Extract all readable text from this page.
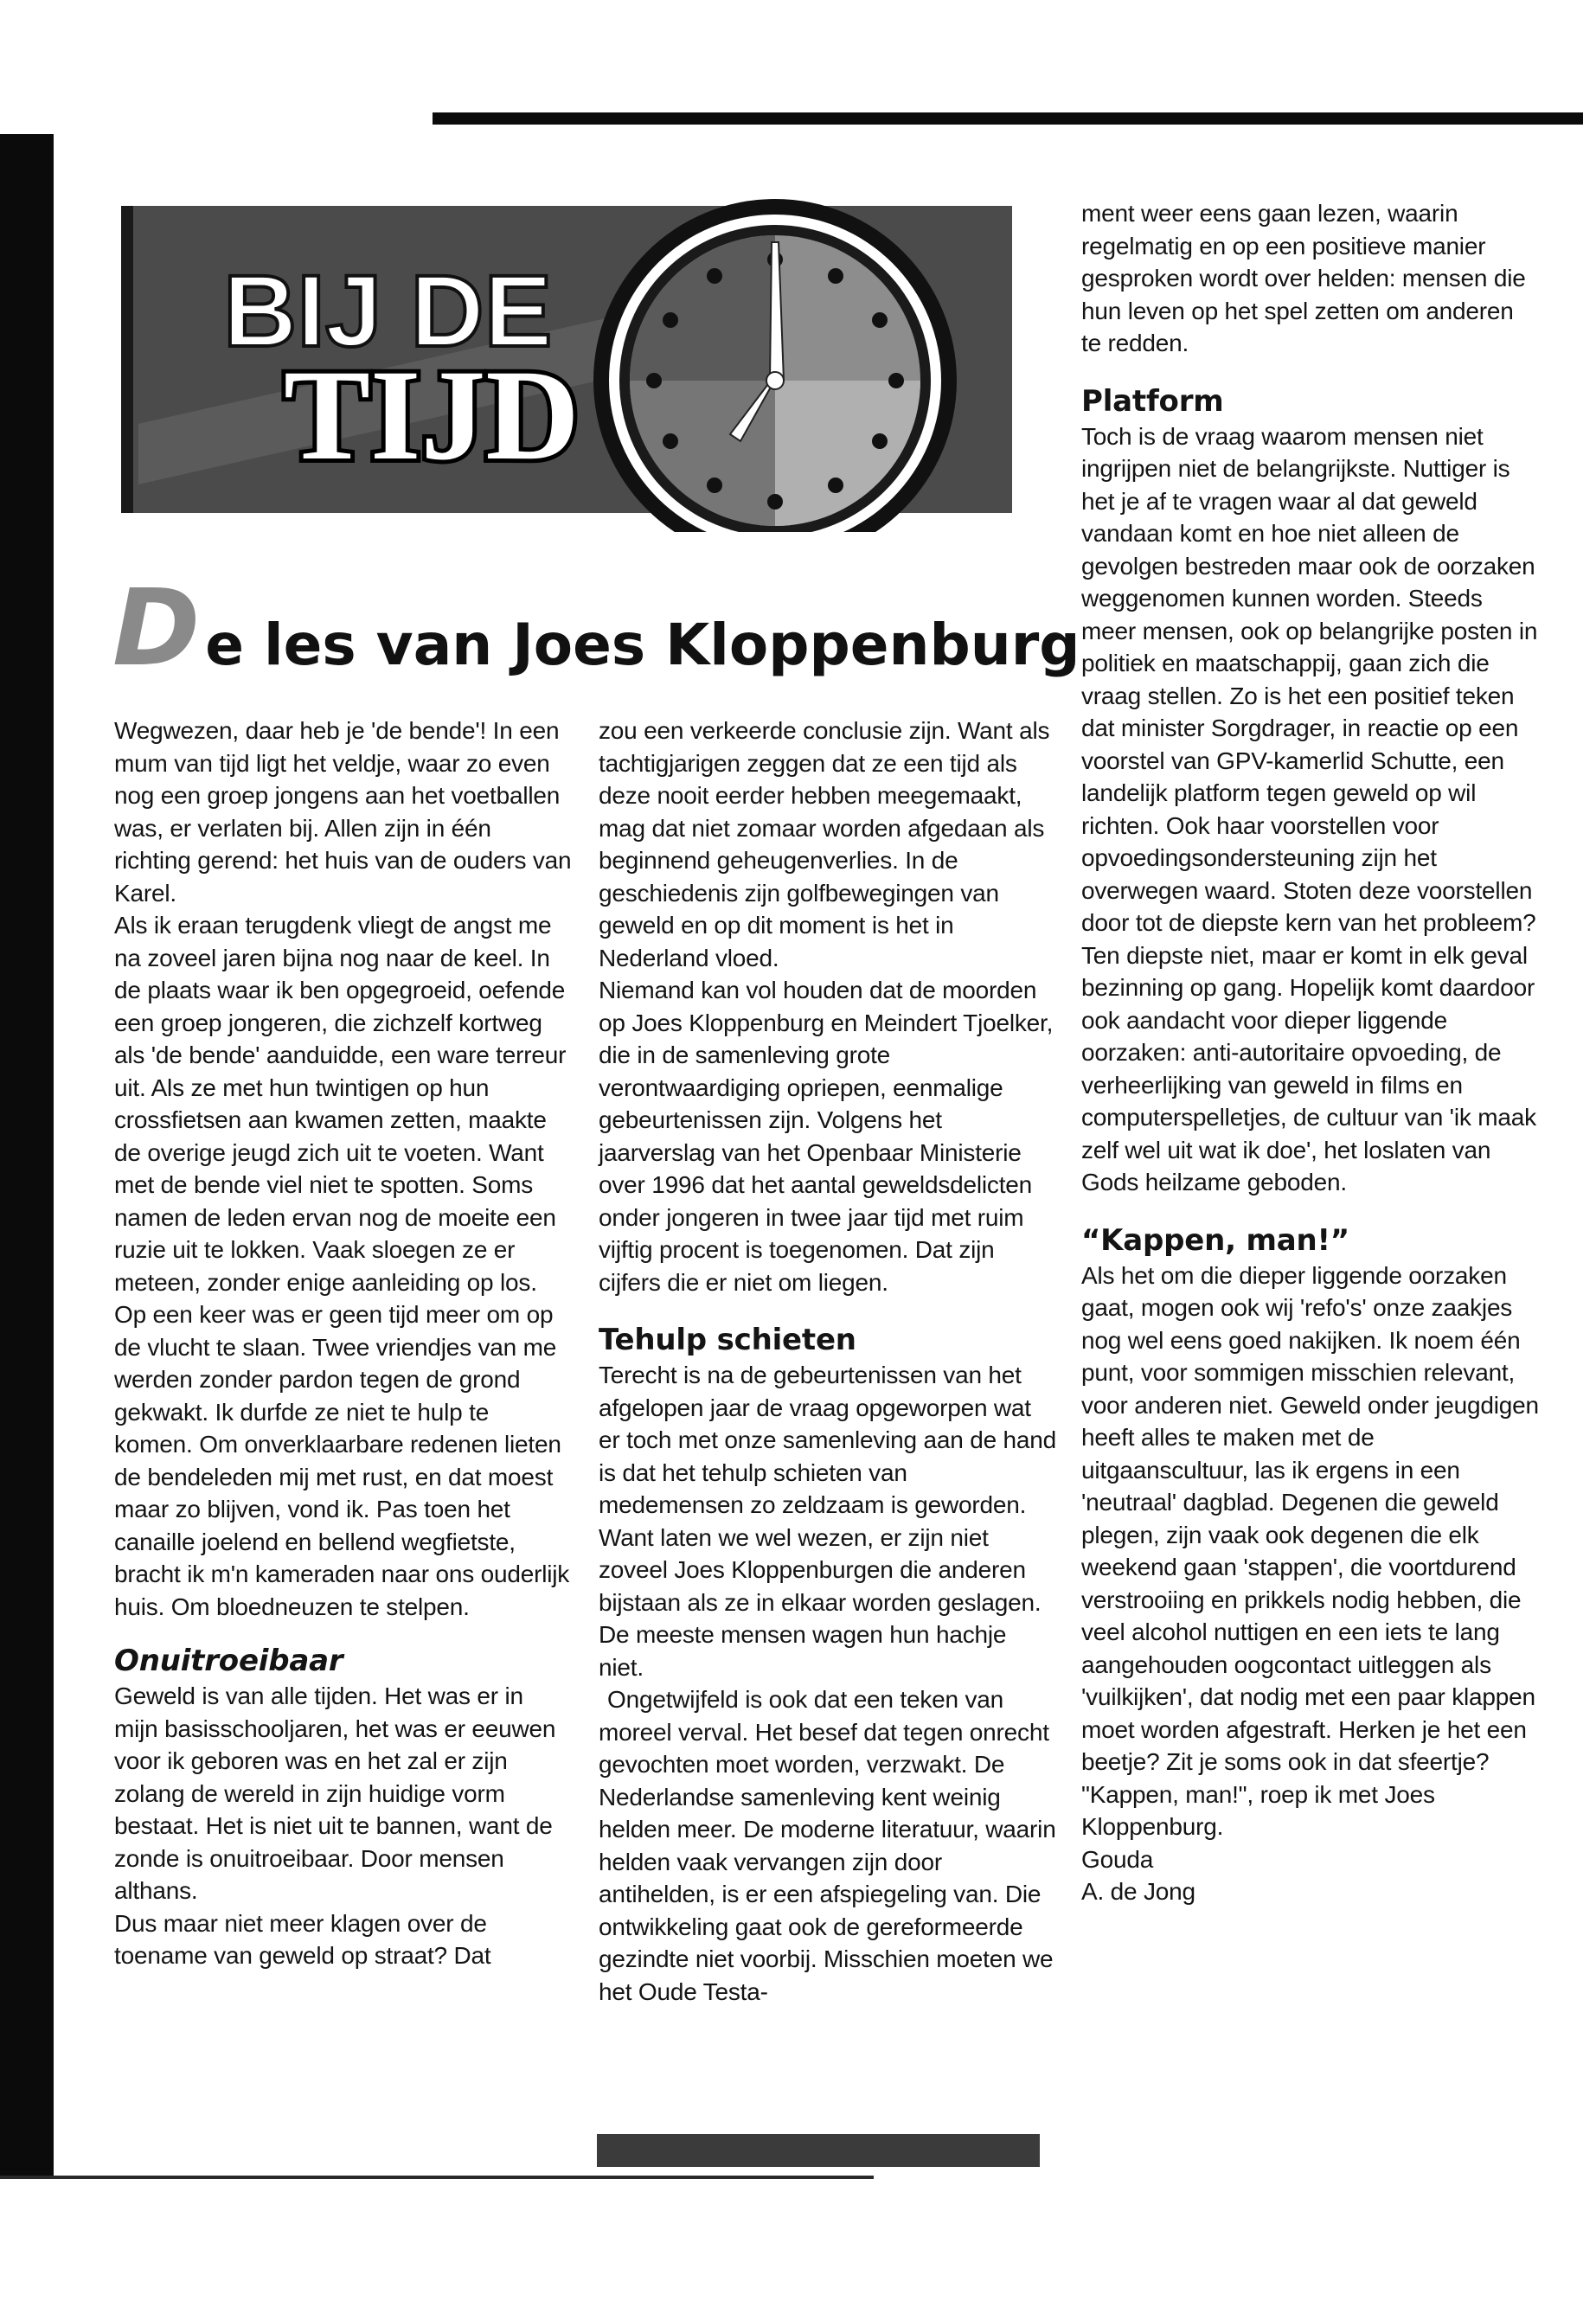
BIJ DE
TIJD
De les van Joes Kloppenburg

Wegwezen, daar heb je 'de bende'! In een mum van tijd ligt het veldje, waar zo even nog een groep jongens aan het voetballen was, er verlaten bij. Allen zijn in één richting gerend: het huis van de ouders van Karel.

Als ik eraan terugdenk vliegt de angst me na zoveel jaren bijna nog naar de keel. In de plaats waar ik ben opgegroeid, oefende een groep jongeren, die zichzelf kortweg als 'de bende' aanduidde, een ware terreur uit. Als ze met hun twintigen op hun crossfietsen aan kwamen zetten, maakte de overige jeugd zich uit te voeten. Want met de bende viel niet te spotten. Soms namen de leden ervan nog de moeite een ruzie uit te lokken. Vaak sloegen ze er meteen, zonder enige aanleiding op los.

Op een keer was er geen tijd meer om op de vlucht te slaan. Twee vriendjes van me werden zonder pardon tegen de grond gekwakt. Ik durfde ze niet te hulp te komen. Om onverklaarbare redenen lieten de bendeleden mij met rust, en dat moest maar zo blijven, vond ik. Pas toen het canaille joelend en bellend wegfietste, bracht ik m'n kameraden naar ons ouderlijk huis. Om bloedneuzen te stelpen.

Onuitroeibaar

Geweld is van alle tijden. Het was er in mijn basisschooljaren, het was er eeuwen voor ik geboren was en het zal er zijn zolang de wereld in zijn huidige vorm bestaat. Het is niet uit te bannen, want de zonde is onuitroeibaar. Door mensen althans.

Dus maar niet meer klagen over de toename van geweld op straat? Dat

zou een verkeerde conclusie zijn. Want als tachtigjarigen zeggen dat ze een tijd als deze nooit eerder hebben meegemaakt, mag dat niet zomaar worden afgedaan als beginnend geheugenverlies. In de geschiedenis zijn golfbewegingen van geweld en op dit moment is het in Nederland vloed.

Niemand kan vol houden dat de moorden op Joes Kloppenburg en Meindert Tjoelker, die in de samenleving grote verontwaardiging opriepen, eenmalige gebeurtenissen zijn. Volgens het jaarverslag van het Openbaar Ministerie over 1996 dat het aantal geweldsdelicten onder jongeren in twee jaar tijd met ruim vijftig procent is toegenomen. Dat zijn cijfers die er niet om liegen.

Tehulp schieten

Terecht is na de gebeurtenissen van het afgelopen jaar de vraag opgeworpen wat er toch met onze samenleving aan de hand is dat het tehulp schieten van medemensen zo zeldzaam is geworden. Want laten we wel wezen, er zijn niet zoveel Joes Kloppenburgen die anderen bijstaan als ze in elkaar worden geslagen. De meeste mensen wagen hun hachje niet.

Ongetwijfeld is ook dat een teken van moreel verval. Het besef dat tegen onrecht gevochten moet worden, verzwakt. De Nederlandse samenleving kent weinig helden meer. De moderne literatuur, waarin helden vaak vervangen zijn door antihelden, is er een afspiegeling van. Die ontwikkeling gaat ook de gereformeerde gezindte niet voorbij. Misschien moeten we het Oude Testa-

ment weer eens gaan lezen, waarin regelmatig en op een positieve manier gesproken wordt over helden: mensen die hun leven op het spel zetten om anderen te redden.

Platform

Toch is de vraag waarom mensen niet ingrijpen niet de belangrijkste. Nuttiger is het je af te vragen waar al dat geweld vandaan komt en hoe niet alleen de gevolgen bestreden maar ook de oorzaken weggenomen kunnen worden. Steeds meer mensen, ook op belangrijke posten in politiek en maatschappij, gaan zich die vraag stellen. Zo is het een positief teken dat minister Sorgdrager, in reactie op een voorstel van GPV-kamerlid Schutte, een landelijk platform tegen geweld op wil richten. Ook haar voorstellen voor opvoedingsondersteuning zijn het overwegen waard. Stoten deze voorstellen door tot de diepste kern van het probleem? Ten diepste niet, maar er komt in elk geval bezinning op gang. Hopelijk komt daardoor ook aandacht voor dieper liggende oorzaken: anti-autoritaire opvoeding, de verheerlijking van geweld in films en computerspelletjes, de cultuur van 'ik maak zelf wel uit wat ik doe', het loslaten van Gods heilzame geboden.

“Kappen, man!”

Als het om die dieper liggende oorzaken gaat, mogen ook wij 'refo's' onze zaakjes nog wel eens goed nakijken. Ik noem één punt, voor sommigen misschien relevant, voor anderen niet. Geweld onder jeugdigen heeft alles te maken met de uitgaanscultuur, las ik ergens in een 'neutraal' dagblad. Degenen die geweld plegen, zijn vaak ook degenen die elk weekend gaan 'stappen', die voortdurend verstrooiing en prikkels nodig hebben, die veel alcohol nuttigen en een iets te lang aangehouden oogcontact uitleggen als 'vuilkijken', dat nodig met een paar klappen moet worden afgestraft. Herken je het een beetje? Zit je soms ook in dat sfeertje? "Kappen, man!", roep ik met Joes Kloppenburg.

Gouda

A. de Jong
